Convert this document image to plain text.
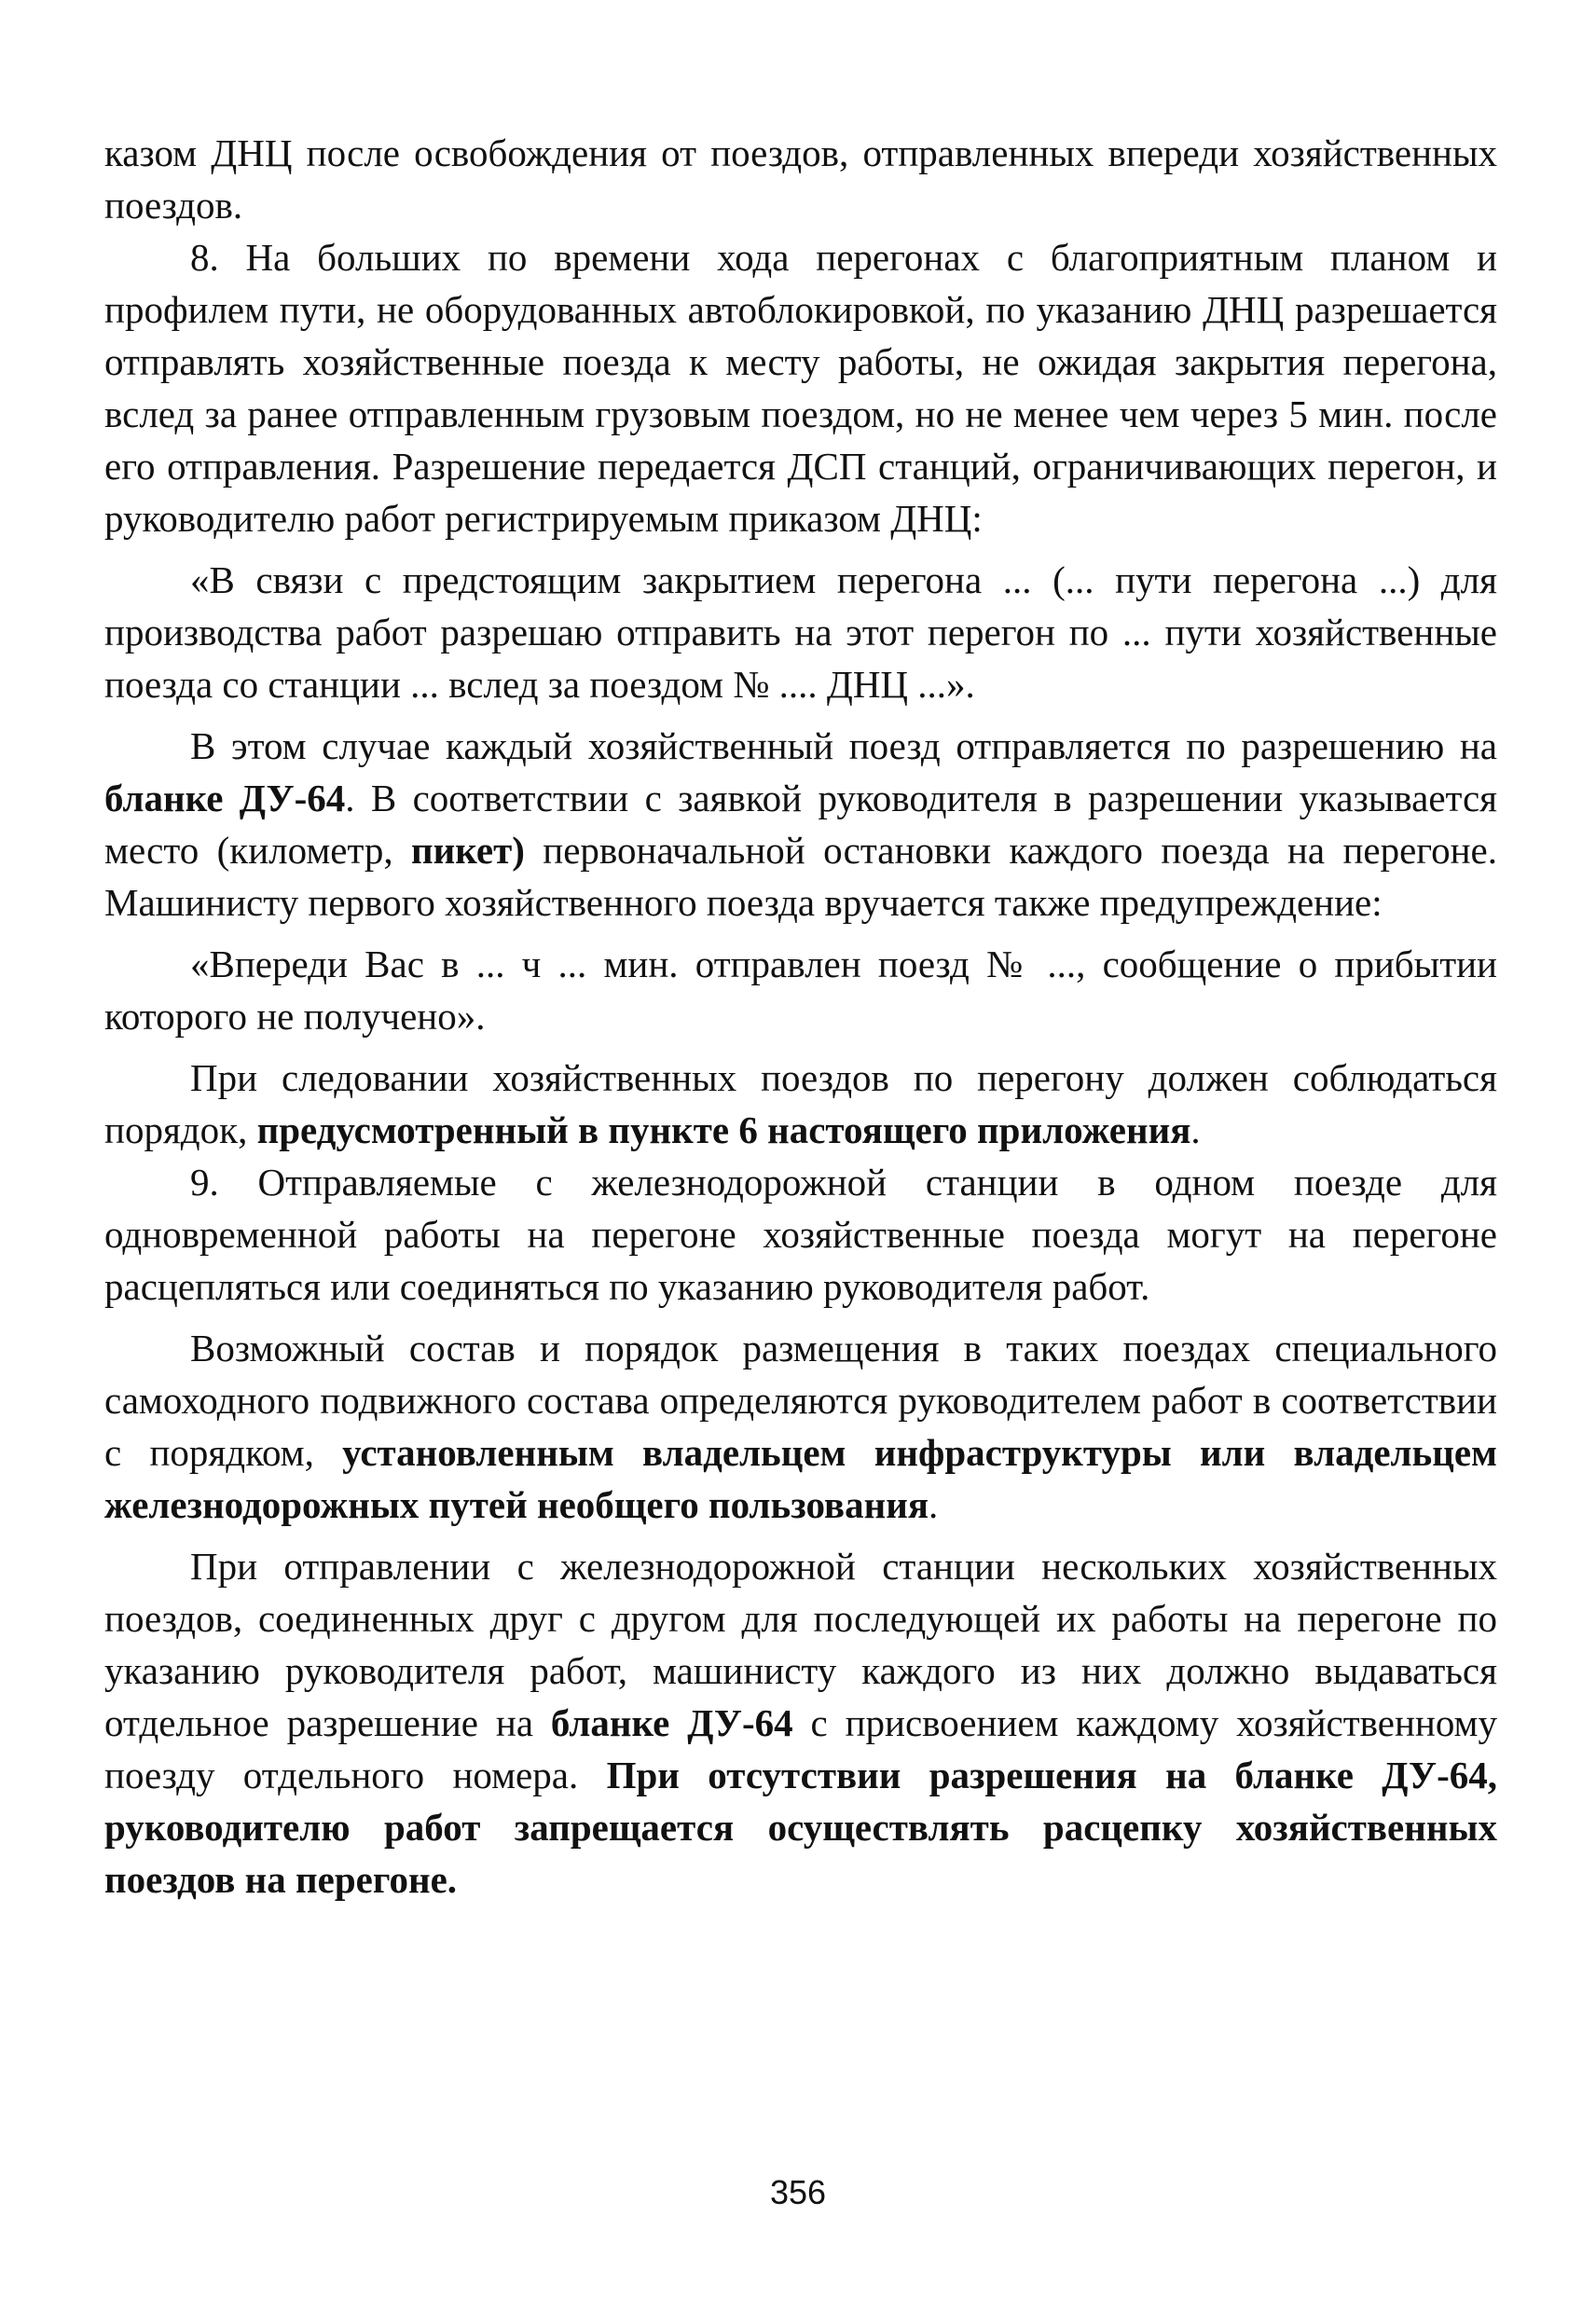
казом ДНЦ после освобождения от поездов, отправленных впереди хозяйственных поездов.

8. На больших по времени хода перегонах с благоприятным планом и профилем пути, не оборудованных автоблокировкой, по указанию ДНЦ разрешается отправлять хозяйственные поезда к месту работы, не ожидая закрытия перегона, вслед за ранее отправленным грузовым поездом, но не менее чем через 5 мин. после его отправления. Разрешение передается ДСП станций, ограничивающих перегон, и руководителю работ регистрируемым приказом ДНЦ:

«В связи с предстоящим закрытием перегона ... (... пути перегона ...) для производства работ разрешаю отправить на этот перегон по ... пути хозяйственные поезда со станции ... вслед за поездом № .... ДНЦ ...».

В этом случае каждый хозяйственный поезд отправляется по разрешению на бланке ДУ-64. В соответствии с заявкой руководителя в разрешении указывается место (километр, пикет) первоначальной остановки каждого поезда на перегоне. Машинисту первого хозяйственного поезда вручается также предупреждение:

«Впереди Вас в ... ч ... мин. отправлен поезд № ..., сообщение о прибытии которого не получено».

При следовании хозяйственных поездов по перегону должен соблюдаться порядок, предусмотренный в пункте 6 настоящего приложения.

9. Отправляемые с железнодорожной станции в одном поезде для одновременной работы на перегоне хозяйственные поезда могут на перегоне расцепляться или соединяться по указанию руководителя работ.

Возможный состав и порядок размещения в таких поездах специального самоходного подвижного состава определяются руководителем работ в соответствии с порядком, установленным владельцем инфраструктуры или владельцем железнодорожных путей необщего пользования.

При отправлении с железнодорожной станции нескольких хозяйственных поездов, соединенных друг с другом для последующей их работы на перегоне по указанию руководителя работ, машинисту каждого из них должно выдаваться отдельное разрешение на бланке ДУ-64 с присвоением каждому хозяйственному поезду отдельного номера. При отсутствии разрешения на бланке ДУ-64, руководителю работ запрещается осуществлять расцепку хозяйственных поездов на перегоне.

356
